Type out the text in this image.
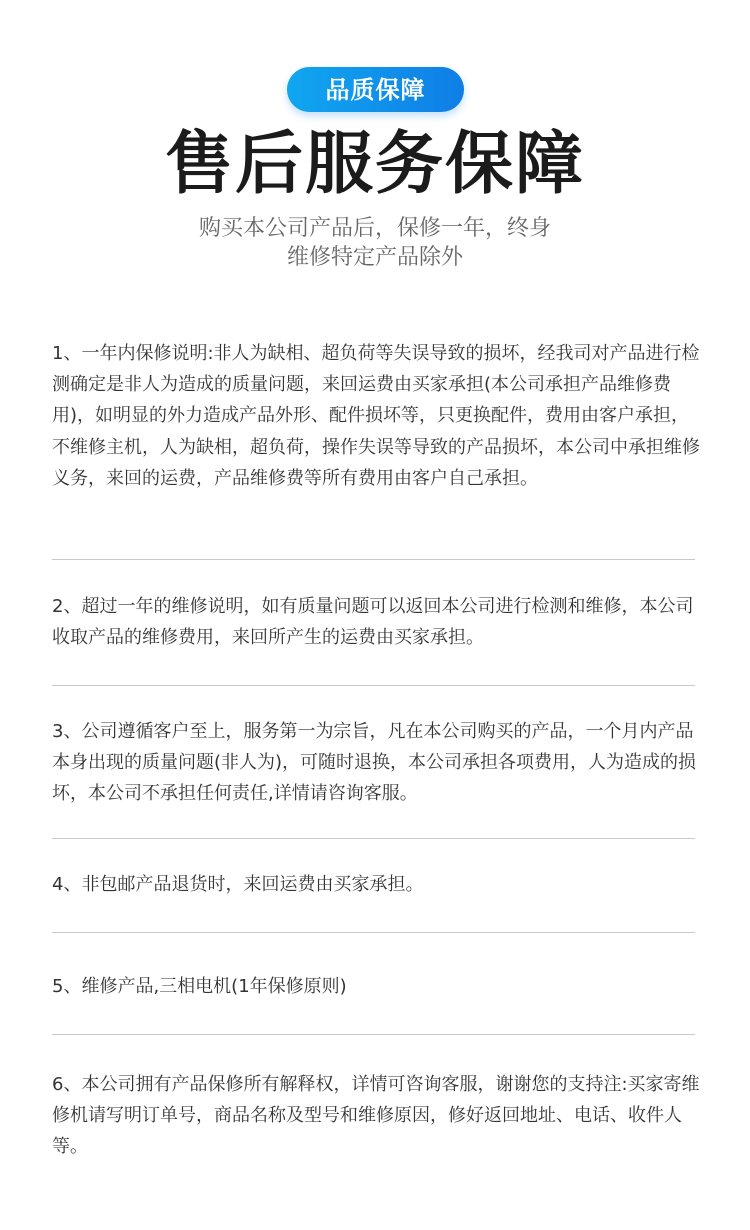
品质保障
售后服务保障
购买本公司产品后，保修一年，终身
维修特定产品除外

1、一年内保修说明:非人为缺相、超负荷等失误导致的损坏，经我司对产品进行检测确定是非人为造成的质量问题，来回运费由买家承担(本公司承担产品维修费用)，如明显的外力造成产品外形、配件损坏等，只更换配件，费用由客户承担，不维修主机，人为缺相，超负荷，操作失误等导致的产品损坏，本公司中承担维修义务，来回的运费，产品维修费等所有费用由客户自己承担。

2、超过一年的维修说明，如有质量问题可以返回本公司进行检测和维修，本公司收取产品的维修费用，来回所产生的运费由买家承担。

3、公司遵循客户至上，服务第一为宗旨，凡在本公司购买的产品，一个月内产品本身出现的质量问题(非人为)，可随时退换，本公司承担各项费用，人为造成的损坏，本公司不承担任何责任,详情请咨询客服。

4、非包邮产品退货时，来回运费由买家承担。

5、维修产品,三相电机(1年保修原则)

6、本公司拥有产品保修所有解释权，详情可咨询客服，谢谢您的支持注:买家寄维修机请写明订单号，商品名称及型号和维修原因，修好返回地址、电话、收件人等。
